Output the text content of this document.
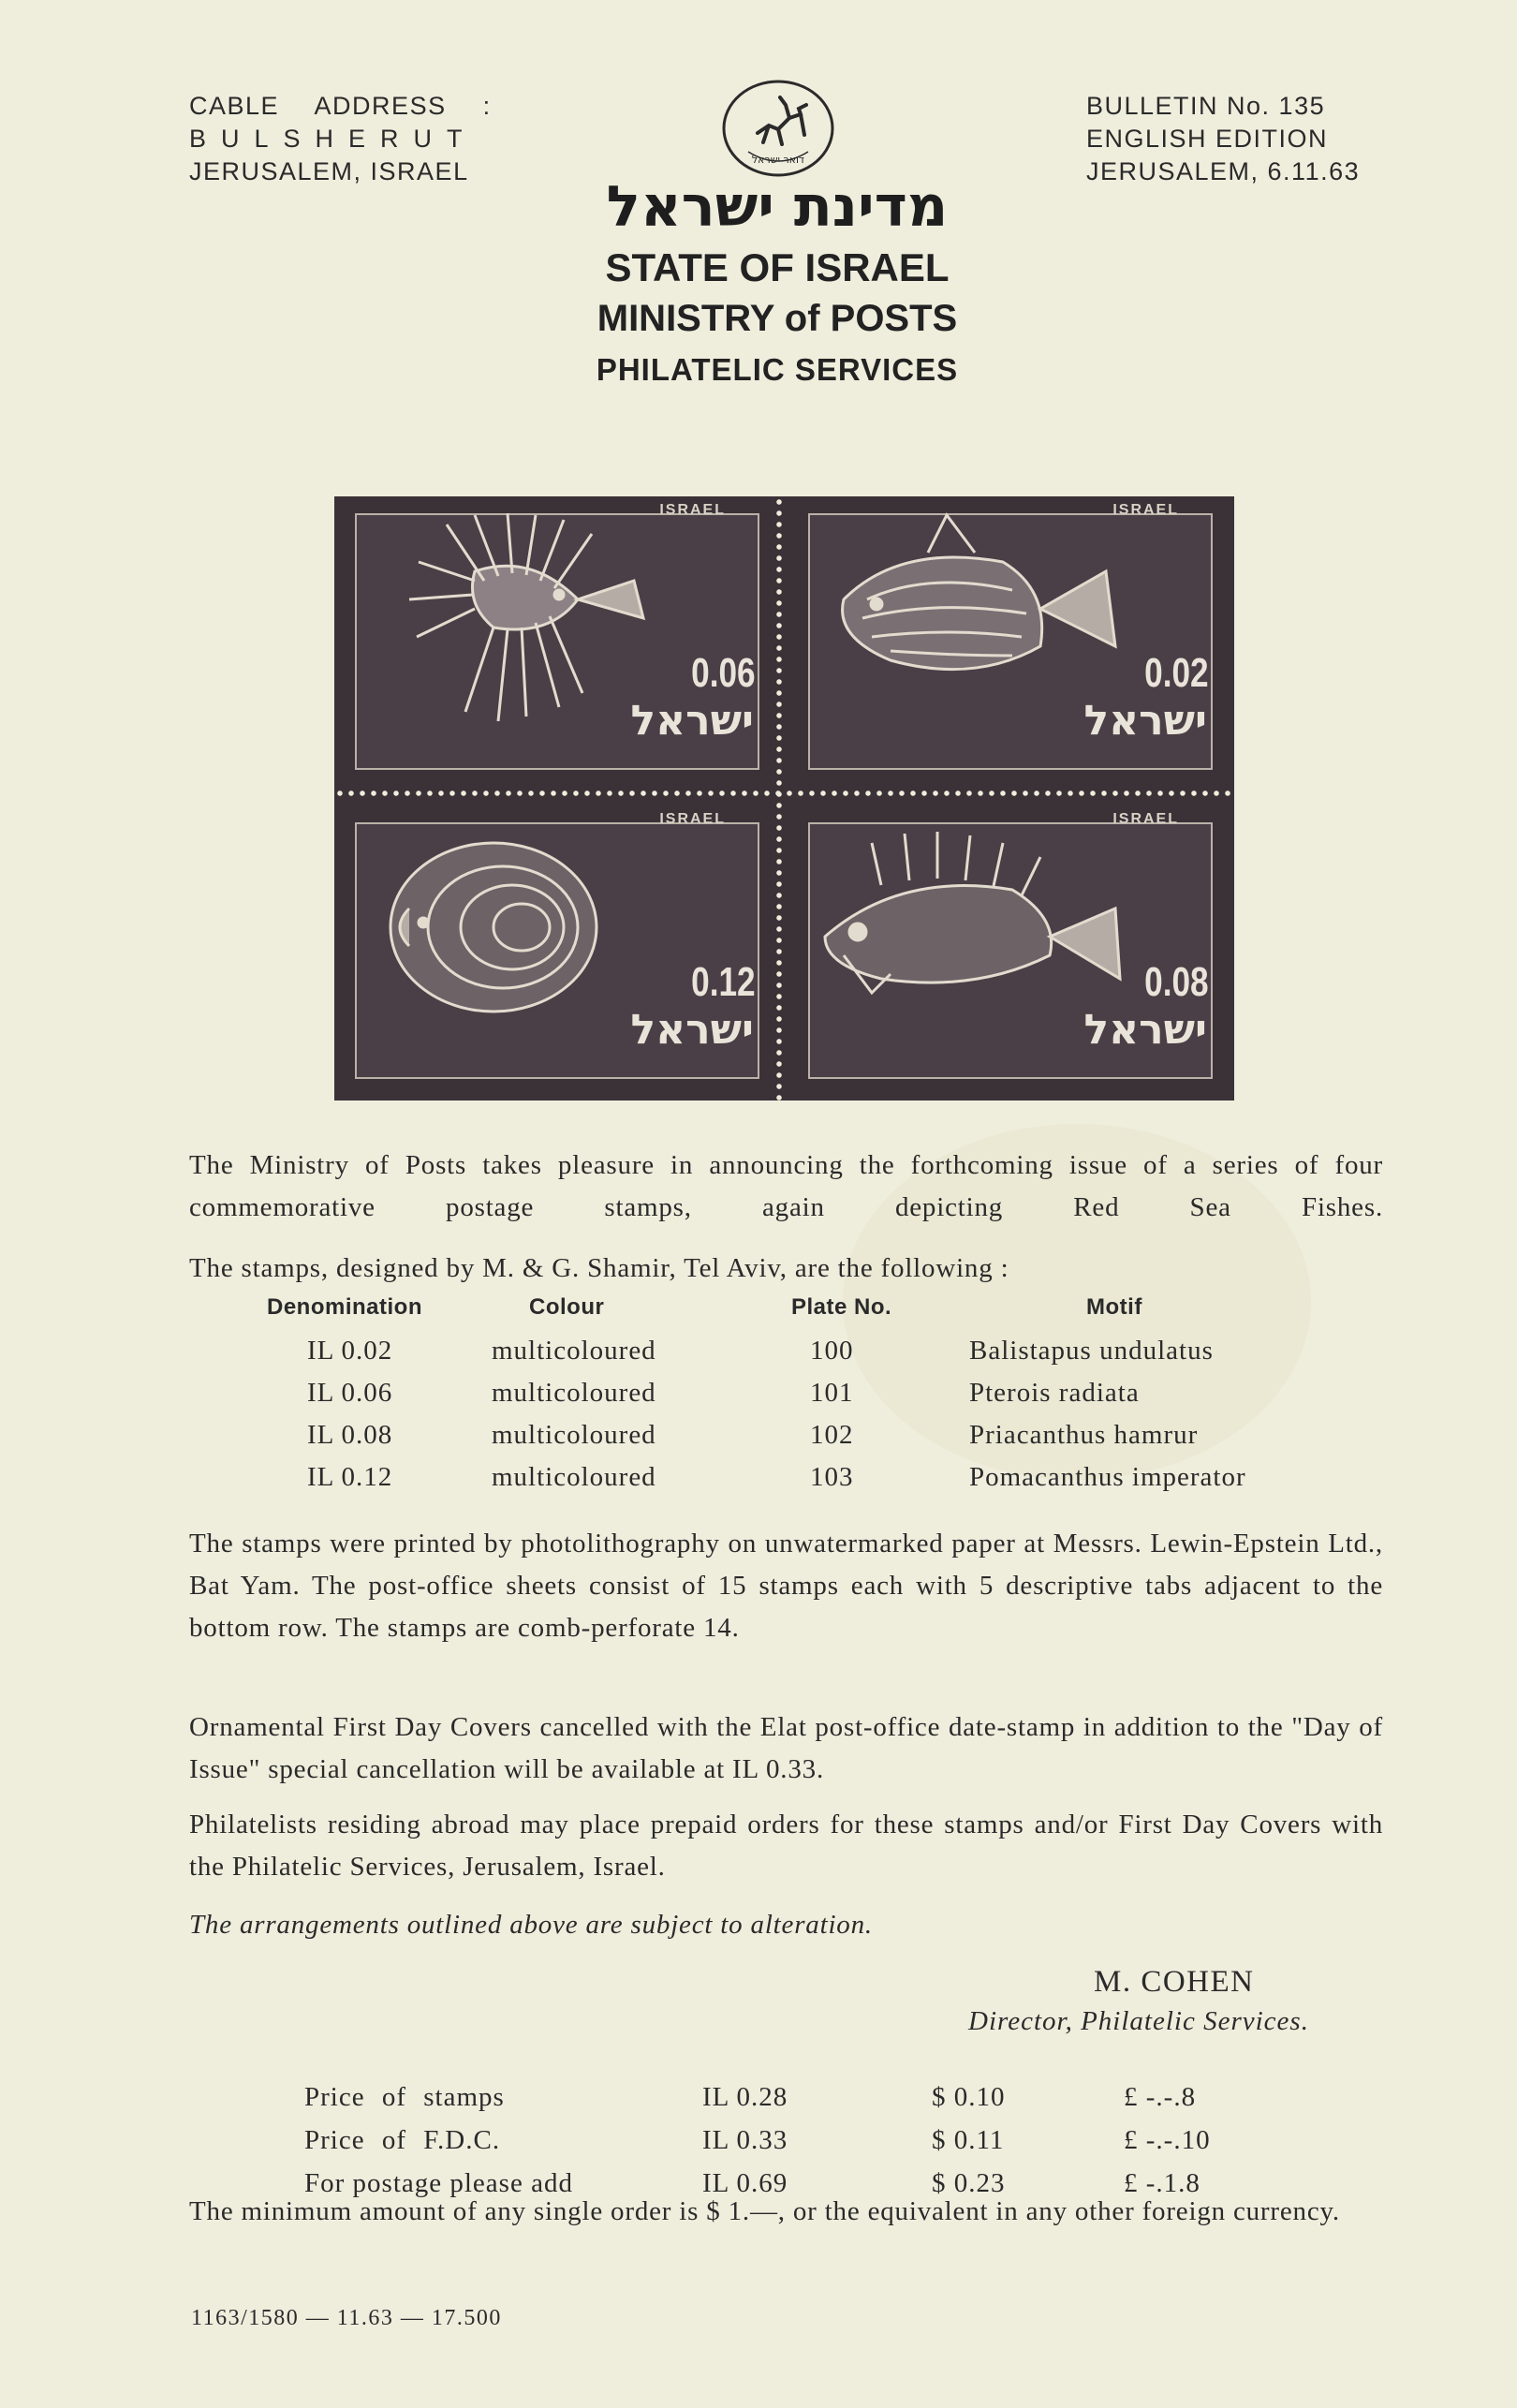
CABLE ADDRESS :
BULSHERUT
JERUSALEM, ISRAEL	דואר ישראל
BULLETIN No. 135
ENGLISH EDITION
JERUSALEM, 6.11.63
מדינת ישראל
STATE OF ISRAEL
MINISTRY of POSTS
PHILATELIC SERVICES
ISRAEL
0.06
ישראל
ISRAEL
0.02
ישראל
ISRAEL
0.12
ישראל
ISRAEL
0.08
ישראל
The Ministry of Posts takes pleasure in announcing the forthcoming issue of a series of four commemorative postage stamps, again depicting Red Sea Fishes.
The stamps, designed by M. & G. Shamir, Tel Aviv, are the following :
Denomination	Colour	Plate No.	Motif
IL 0.02	multicoloured	100	Balistapus undulatus
IL 0.06	multicoloured	101	Pterois radiata
IL 0.08	multicoloured	102	Priacanthus hamrur
IL 0.12	multicoloured	103	Pomacanthus imperator
The stamps were printed by photolithography on unwatermarked paper at Messrs. Lewin-Epstein Ltd., Bat Yam. The post-office sheets consist of 15 stamps each with 5 descriptive tabs adjacent to the bottom row. The stamps are comb-perforate 14.
Ornamental First Day Covers cancelled with the Elat post-office date-stamp in addition to the "Day of Issue" special cancellation will be available at IL 0.33.
Philatelists residing abroad may place prepaid orders for these stamps and/or First Day Covers with the Philatelic Services, Jerusalem, Israel.
The arrangements outlined above are subject to alteration.
M. COHEN
Director, Philatelic Services.
Price of stamps	IL 0.28	$ 0.10	£ -.-.8
Price of F.D.C.	IL 0.33	$ 0.11	£ -.-.10
For postage please add	IL 0.69	$ 0.23	£ -.1.8
The minimum amount of any single order is $ 1.—, or the equivalent in any other foreign currency.
1163/1580 — 11.63 — 17.500
